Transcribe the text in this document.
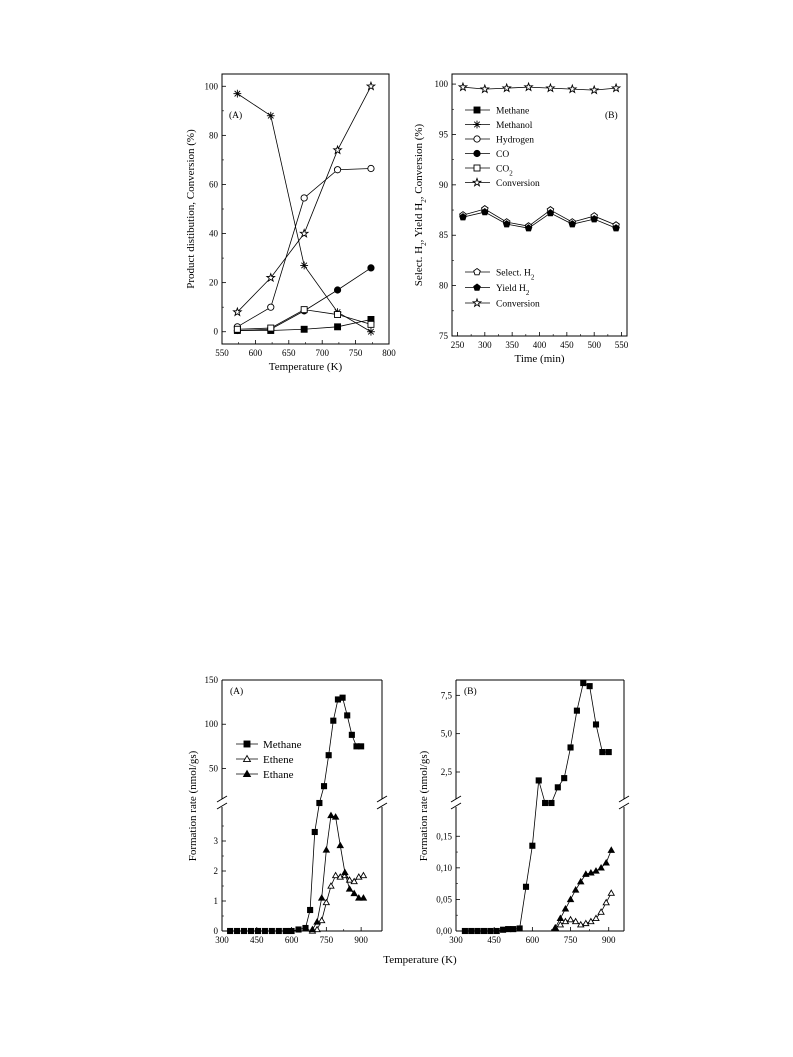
550 600 650 700 750 800
0
20
40
60
80
100
Temperature (K)
Product distibution, Conversion (%)
(A)
250 300 350 400 450 500 550
75
80
85
90
95
100
Time (min)
Select. $H_2$, Yield $H_2$, Conversion (%)
(B)
Methane
Methanol
Hydrogen
CO
$CO_2$
Conversion
Select. $H_2$
Yield $H_2$
Conversion
300 450 600 750 900
50
100
150
0
1
2
3
(A)
300	450	600	750	900
2,5
5,0
7,5
0,00
0,05
0,10
0,15
(B)
Methane
Ethene
Ethane
Temperature (K)
Formation rate (nmol/gs)	Formation rate (nmol/gs)
